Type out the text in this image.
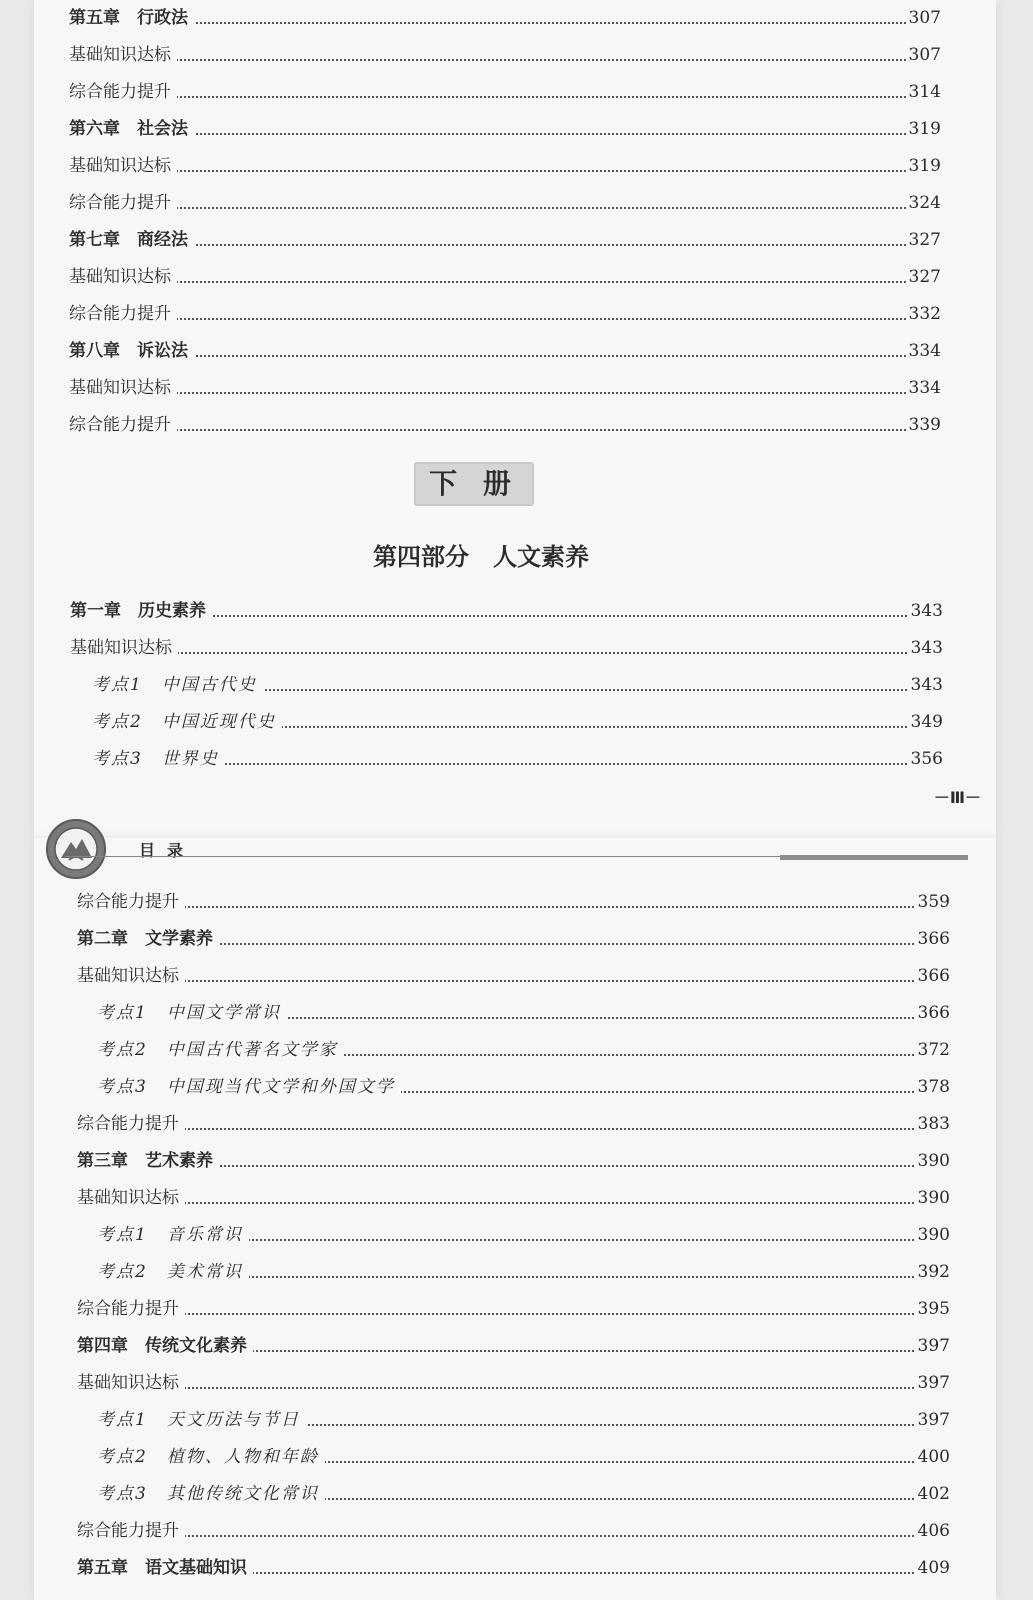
第五章　行政法	307
基础知识达标	307
综合能力提升	314
第六章　社会法	319
基础知识达标	319
综合能力提升	324
第七章　商经法	327
基础知识达标	327
综合能力提升	332
第八章　诉讼法	334
基础知识达标	334
综合能力提升	339
下 册
第四部分　人文素养
第一章　历史素养	343
基础知识达标	343
考点1　中国古代史	343
考点2　中国近现代史	349
考点3　世界史	356
－Ⅲ－
目录
综合能力提升	359
第二章　文学素养	366
基础知识达标	366
考点1　中国文学常识	366
考点2　中国古代著名文学家	372
考点3　中国现当代文学和外国文学	378
综合能力提升	383
第三章　艺术素养	390
基础知识达标	390
考点1　音乐常识	390
考点2　美术常识	392
综合能力提升	395
第四章　传统文化素养	397
基础知识达标	397
考点1　天文历法与节日	397
考点2　植物、人物和年龄	400
考点3　其他传统文化常识	402
综合能力提升	406
第五章　语文基础知识	409
